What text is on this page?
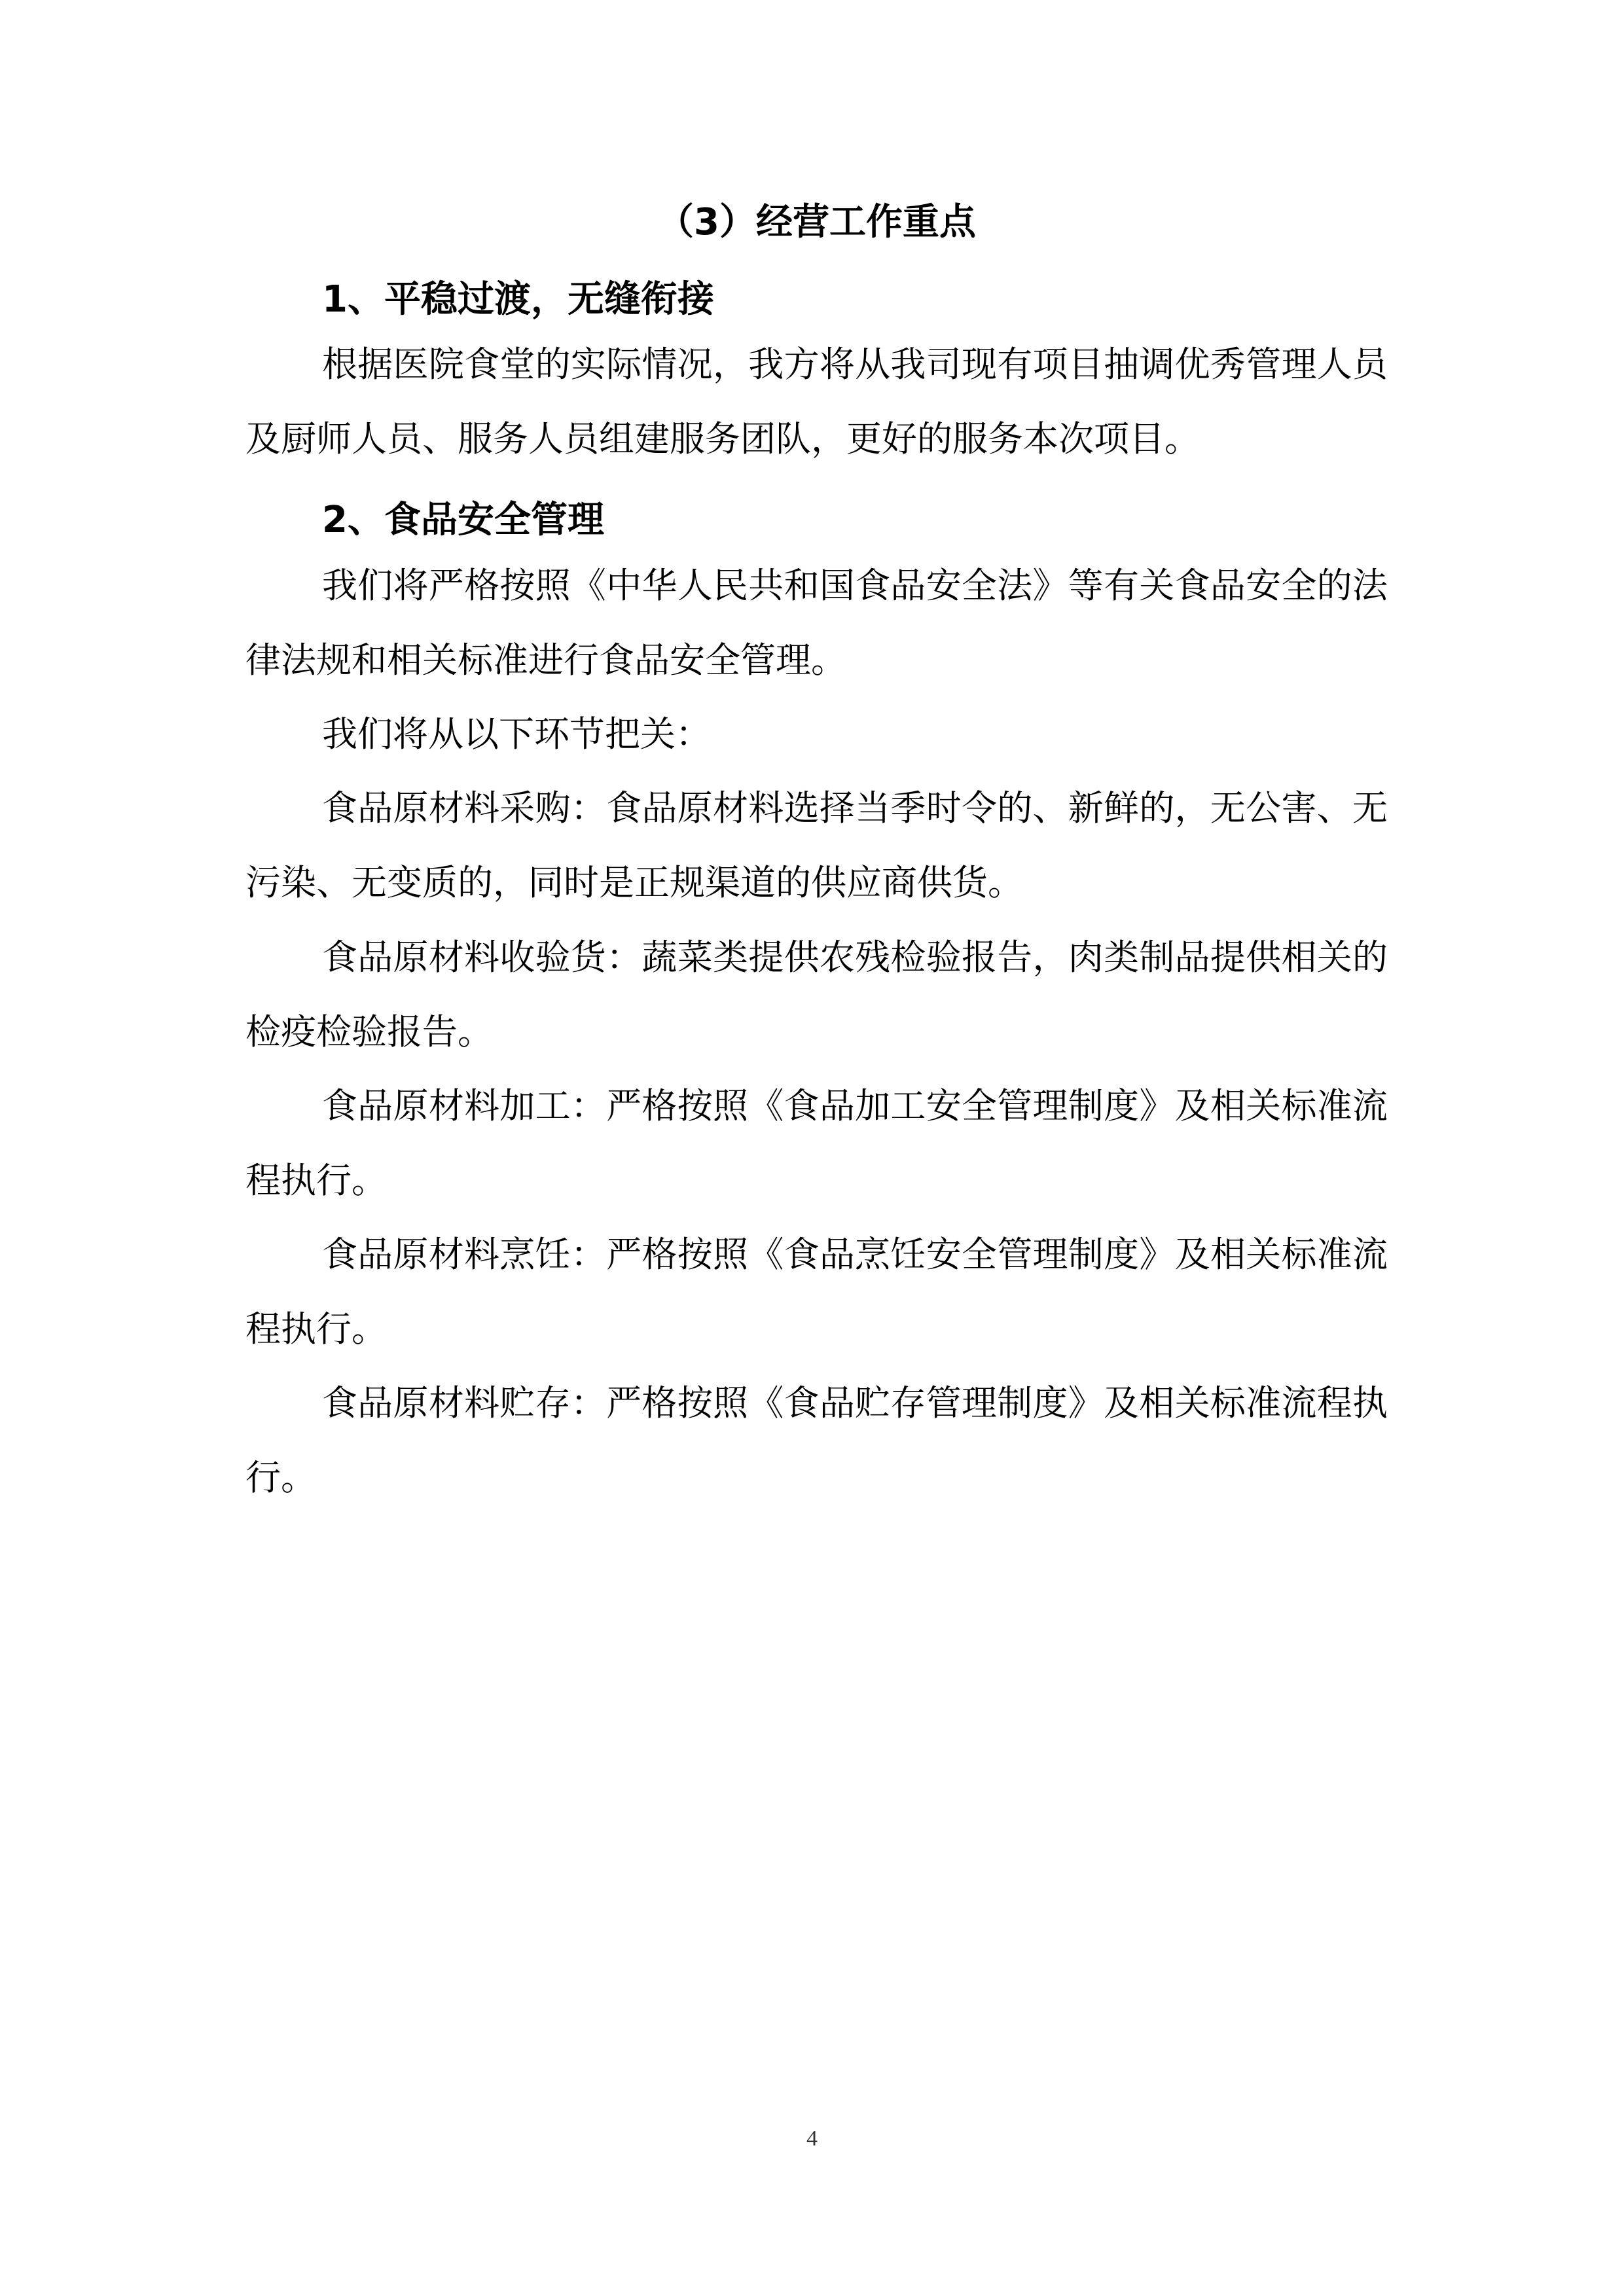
（3）经营工作重点
1、平稳过渡，无缝衔接

根据医院食堂的实际情况，我方将从我司现有项目抽调优秀管理人员及厨师人员、服务人员组建服务团队，更好的服务本次项目。

2、食品安全管理

我们将严格按照《中华人民共和国食品安全法》等有关食品安全的法律法规和相关标准进行食品安全管理。

我们将从以下环节把关：

食品原材料采购：食品原材料选择当季时令的、新鲜的，无公害、无污染、无变质的，同时是正规渠道的供应商供货。

食品原材料收验货：蔬菜类提供农残检验报告，肉类制品提供相关的检疫检验报告。

食品原材料加工：严格按照《食品加工安全管理制度》及相关标准流程执行。

食品原材料烹饪：严格按照《食品烹饪安全管理制度》及相关标准流程执行。

食品原材料贮存：严格按照《食品贮存管理制度》及相关标准流程执行。

4
